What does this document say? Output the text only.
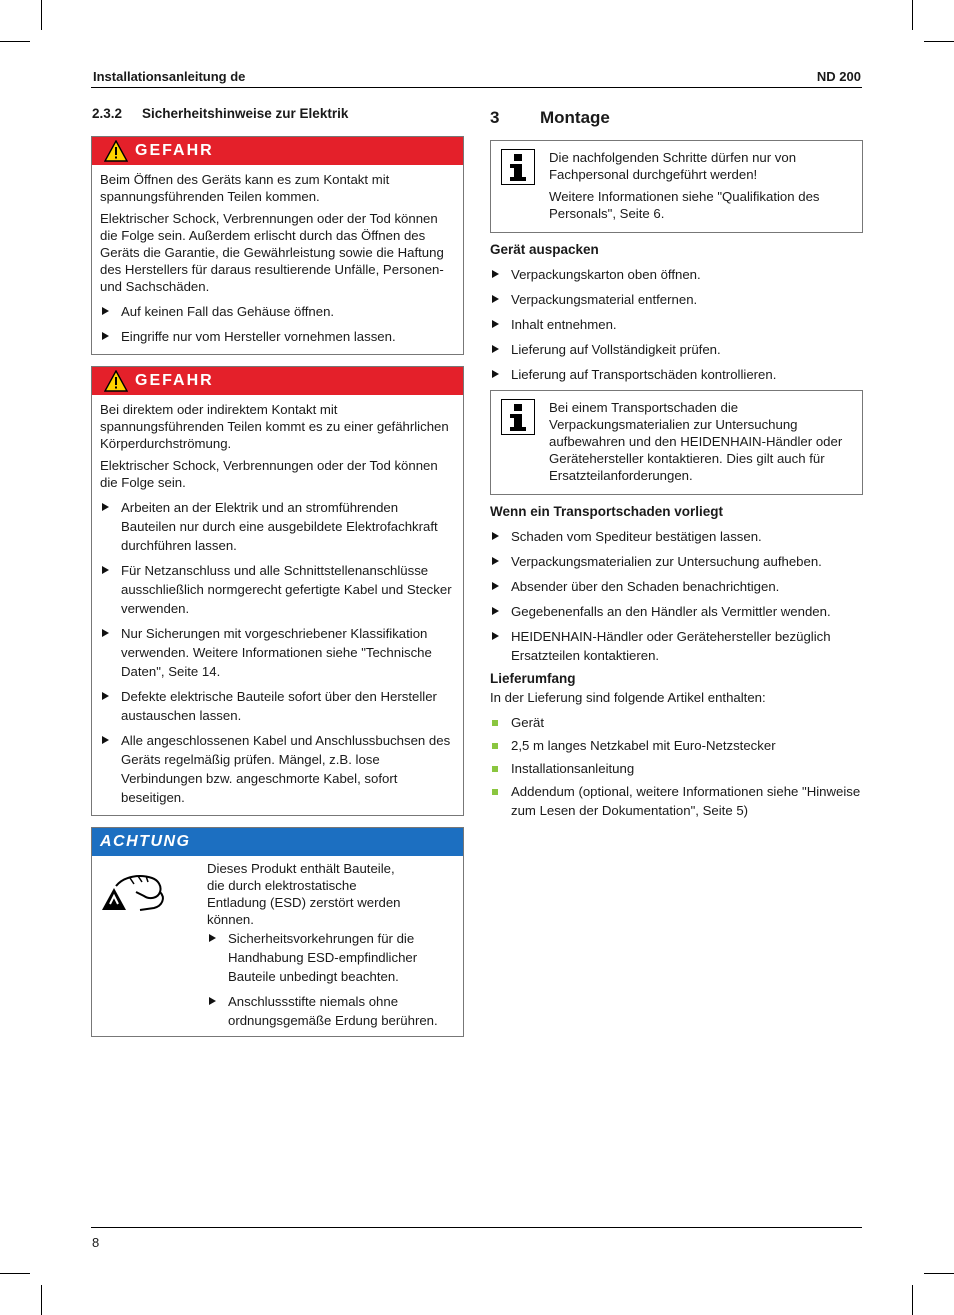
Installationsanleitung de	ND 200
2.3.2	Sicherheitshinweise zur Elektrik
GEFAHR

Beim Öffnen des Geräts kann es zum Kontakt mit spannungsführenden Teilen kommen.

Elektrischer Schock, Verbrennungen oder der Tod können die Folge sein. Außerdem erlischt durch das Öffnen des Geräts die Garantie, die Gewährleistung sowie die Haftung des Herstellers für daraus resultierende Unfälle, Personen- und Sachschäden.

Auf keinen Fall das Gehäuse öffnen.
Eingriffe nur vom Hersteller vornehmen lassen.
GEFAHR

Bei direktem oder indirektem Kontakt mit spannungsführenden Teilen kommt es zu einer gefährlichen Körperdurchströmung.

Elektrischer Schock, Verbrennungen oder der Tod können die Folge sein.

Arbeiten an der Elektrik und an stromführenden Bauteilen nur durch eine ausgebildete Elektrofachkraft durchführen lassen.
Für Netzanschluss und alle Schnittstellenanschlüsse ausschließlich normgerecht gefertigte Kabel und Stecker verwenden.
Nur Sicherungen mit vorgeschriebener Klassifikation verwenden. Weitere Informationen siehe "Technische Daten", Seite 14.
Defekte elektrische Bauteile sofort über den Hersteller austauschen lassen.
Alle angeschlossenen Kabel und Anschlussbuchsen des Geräts regelmäßig prüfen. Mängel, z.B. lose Verbindungen bzw. angeschmorte Kabel, sofort beseitigen.
ACHTUNG

Dieses Produkt enthält Bauteile, die durch elektrostatische Entladung (ESD) zerstört werden können.

Sicherheitsvorkehrungen für die Handhabung ESD-empfindlicher Bauteile unbedingt beachten.
Anschlussstifte niemals ohne ordnungsgemäße Erdung berühren.
3	Montage

Die nachfolgenden Schritte dürfen nur von Fachpersonal durchgeführt werden!

Weitere Informationen siehe "Qualifikation des Personals", Seite 6.

Gerät auspacken
Verpackungskarton oben öffnen.
Verpackungsmaterial entfernen.
Inhalt entnehmen.
Lieferung auf Vollständigkeit prüfen.
Lieferung auf Transportschäden kontrollieren.

Bei einem Transportschaden die Verpackungsmaterialien zur Untersuchung aufbewahren und den HEIDENHAIN-Händler oder Gerätehersteller kontaktieren. Dies gilt auch für Ersatzteilanforderungen.

Wenn ein Transportschaden vorliegt
Schaden vom Spediteur bestätigen lassen.
Verpackungsmaterialien zur Untersuchung aufheben.
Absender über den Schaden benachrichtigen.
Gegebenenfalls an den Händler als Vermittler wenden.
HEIDENHAIN-Händler oder Gerätehersteller bezüglich Ersatzteilen kontaktieren.
Lieferumfang
In der Lieferung sind folgende Artikel enthalten:
Gerät
2,5 m langes Netzkabel mit Euro-Netzstecker
Installationsanleitung
Addendum (optional, weitere Informationen siehe "Hinweise zum Lesen der Dokumentation", Seite 5)
8
